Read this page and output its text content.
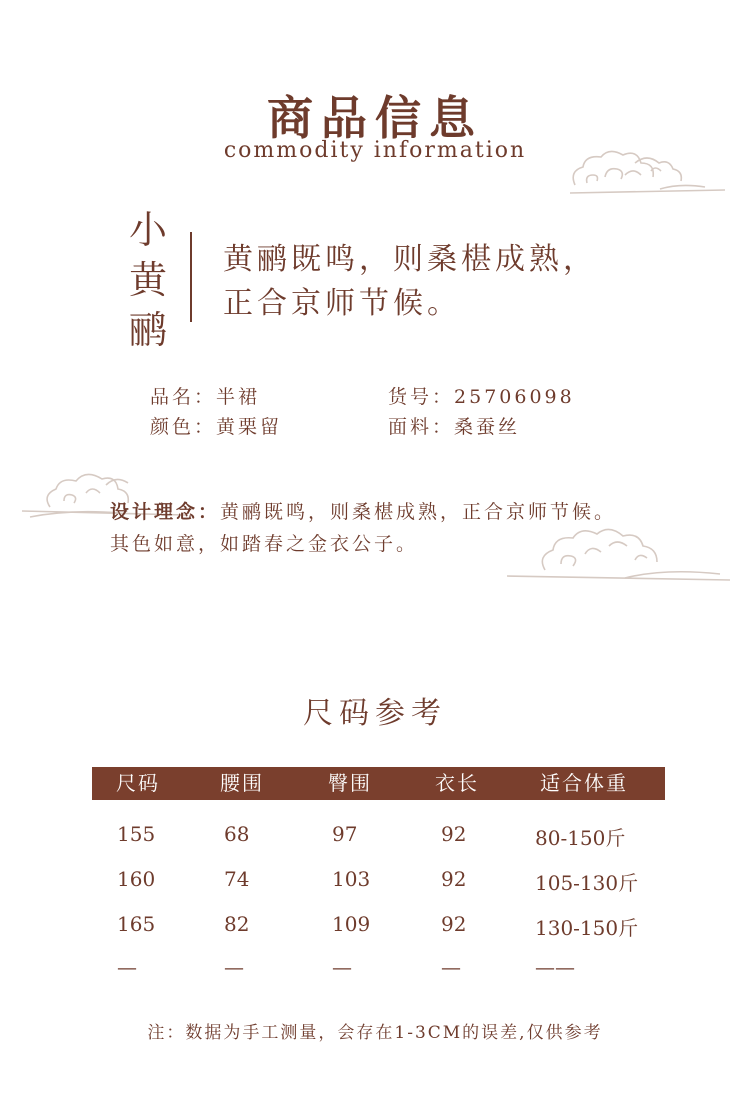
商品信息
commodity information
小
黄
鹂
黄鹂既鸣，则桑椹成熟，
正合京师节候。
品名：半裙	货号：25706098
颜色：黄栗留	面料：桑蚕丝
设计理念：黄鹂既鸣，则桑椹成熟，正合京师节候。
其色如意，如踏春之金衣公子。
尺码参考
尺码	腰围	臀围	衣长	适合体重
155	68	97	92	80-150斤
160	74	103	92	105-130斤
165	82	109	92	130-150斤
—	—	—	—	——
注：数据为手工测量，会存在1-3CM的误差,仅供参考
